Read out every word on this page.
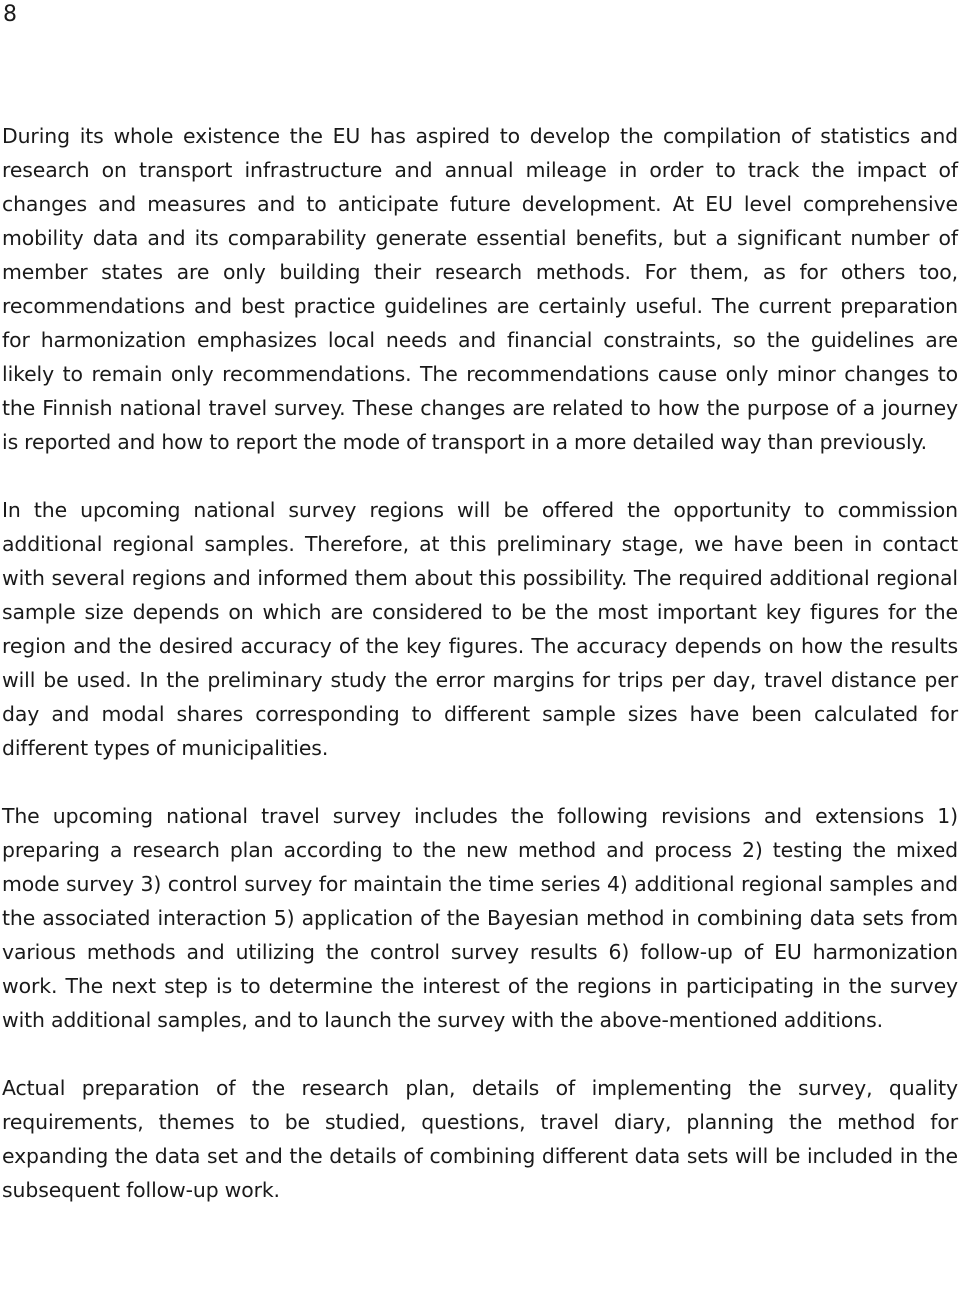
8

During its whole existence the EU has aspired to develop the compilation of statistics and research on transport infrastructure and annual mileage in order to track the impact of changes and measures and to anticipate future development. At EU level comprehensive mobility data and its comparability generate essential benefits, but a significant number of member states are only building their research methods. For them, as for others too, recommendations and best practice guidelines are certainly useful. The current preparation for harmonization emphasizes local needs and financial constraints, so the guidelines are likely to remain only recommendations. The recommendations cause only minor changes to the Finnish national travel survey. These changes are related to how the purpose of a journey is reported and how to report the mode of transport in a more detailed way than previously.

In the upcoming national survey regions will be offered the opportunity to commission additional regional samples. Therefore, at this preliminary stage, we have been in contact with several regions and informed them about this possibility. The required additional regional sample size depends on which are considered to be the most important key figures for the region and the desired accuracy of the key figures. The accuracy depends on how the results will be used. In the preliminary study the error margins for trips per day, travel distance per day and modal shares corresponding to different sample sizes have been calculated for different types of municipalities.

The upcoming national travel survey includes the following revisions and extensions 1) preparing a research plan according to the new method and process 2) testing the mixed mode survey 3) control survey for maintain the time series 4) additional regional samples and the associated interaction 5) application of the Bayesian method in combining data sets from various methods and utilizing the control survey results 6) follow-up of EU harmonization work. The next step is to determine the interest of the regions in participating in the survey with additional samples, and to launch the survey with the above-mentioned additions.

Actual preparation of the research plan, details of implementing the survey, quality requirements, themes to be studied, questions, travel diary, planning the method for expanding the data set and the details of combining different data sets will be included in the subsequent follow-up work.
